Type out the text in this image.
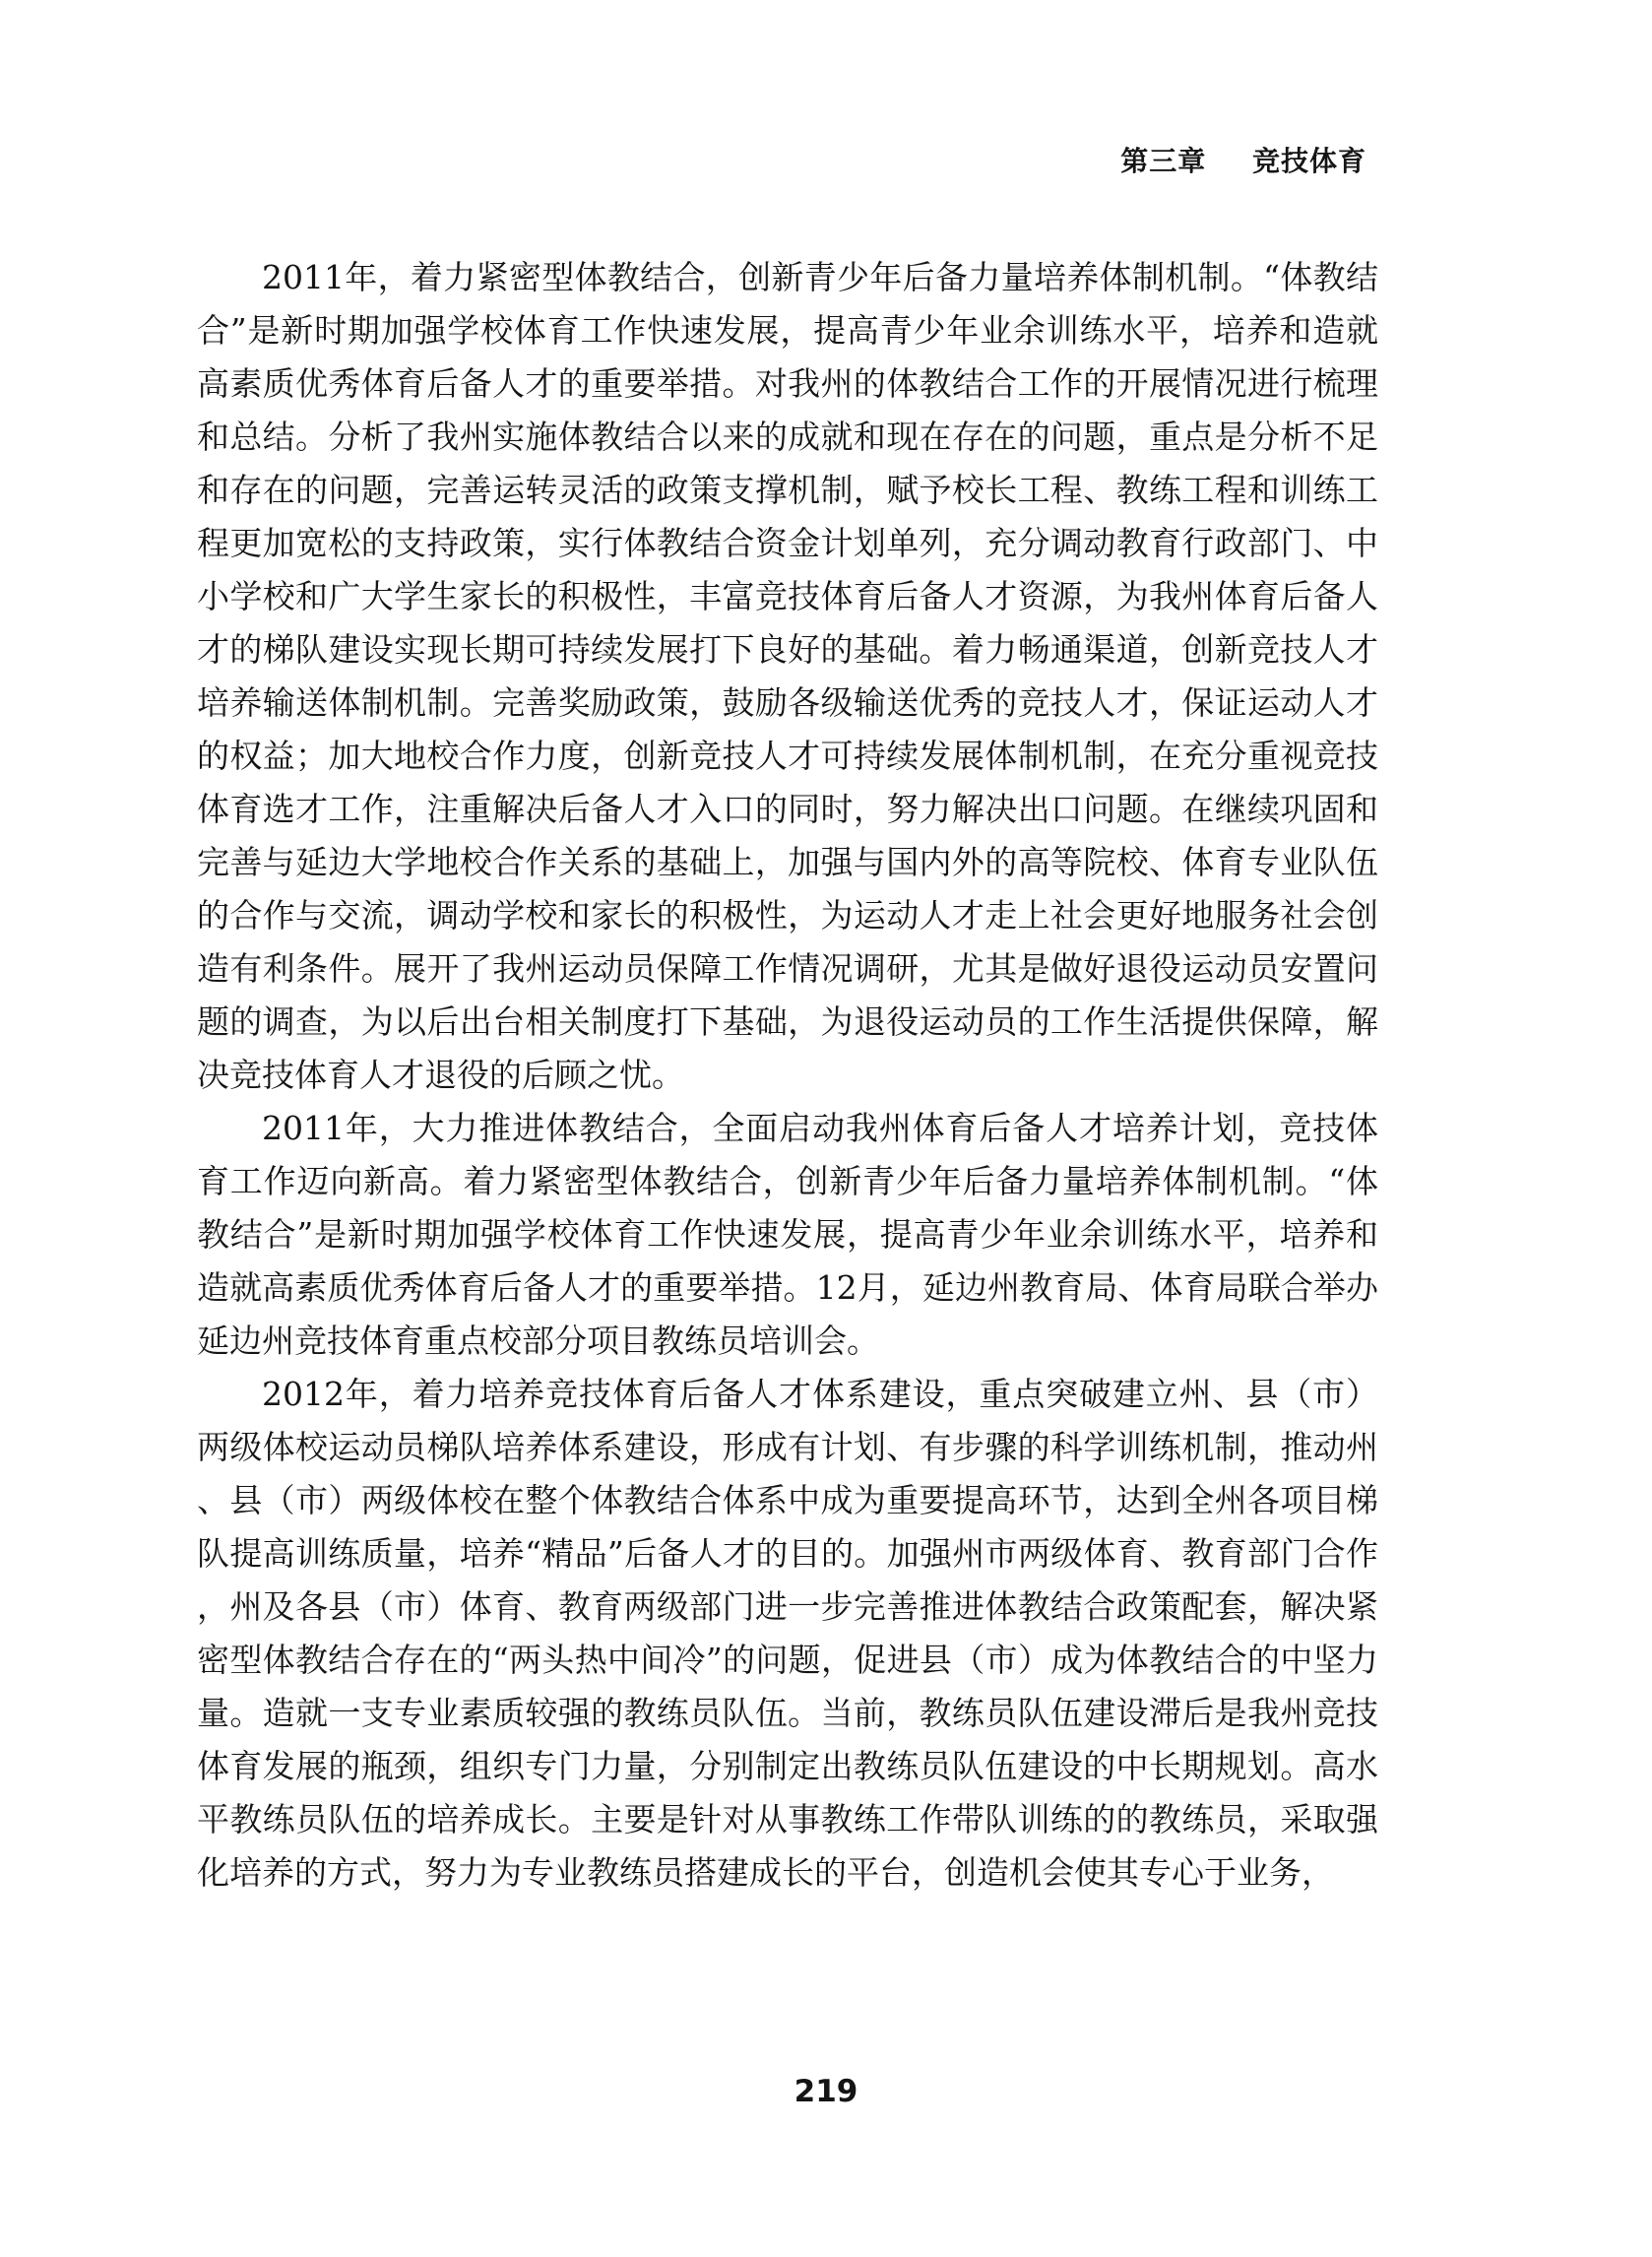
第三章 竞技体育

2011年，着力紧密型体教结合，创新青少年后备力量培养体制机制。“体教结合”是新时期加强学校体育工作快速发展，提高青少年业余训练水平，培养和造就高素质优秀体育后备人才的重要举措。对我州的体教结合工作的开展情况进行梳理和总结。分析了我州实施体教结合以来的成就和现在存在的问题，重点是分析不足和存在的问题，完善运转灵活的政策支撑机制，赋予校长工程、教练工程和训练工程更加宽松的支持政策，实行体教结合资金计划单列，充分调动教育行政部门、中小学校和广大学生家长的积极性，丰富竞技体育后备人才资源，为我州体育后备人才的梯队建设实现长期可持续发展打下良好的基础。着力畅通渠道，创新竞技人才培养输送体制机制。完善奖励政策，鼓励各级输送优秀的竞技人才，保证运动人才的权益；加大地校合作力度，创新竞技人才可持续发展体制机制，在充分重视竞技体育选才工作，注重解决后备人才入口的同时，努力解决出口问题。在继续巩固和完善与延边大学地校合作关系的基础上，加强与国内外的高等院校、体育专业队伍的合作与交流，调动学校和家长的积极性，为运动人才走上社会更好地服务社会创造有利条件。展开了我州运动员保障工作情况调研，尤其是做好退役运动员安置问题的调查，为以后出台相关制度打下基础，为退役运动员的工作生活提供保障，解决竞技体育人才退役的后顾之忧。

2011年，大力推进体教结合，全面启动我州体育后备人才培养计划，竞技体育工作迈向新高。着力紧密型体教结合，创新青少年后备力量培养体制机制。“体教结合”是新时期加强学校体育工作快速发展，提高青少年业余训练水平，培养和造就高素质优秀体育后备人才的重要举措。12月，延边州教育局、体育局联合举办延边州竞技体育重点校部分项目教练员培训会。

2012年，着力培养竞技体育后备人才体系建设，重点突破建立州、县（市）两级体校运动员梯队培养体系建设，形成有计划、有步骤的科学训练机制，推动州、县（市）两级体校在整个体教结合体系中成为重要提高环节，达到全州各项目梯队提高训练质量，培养“精品”后备人才的目的。加强州市两级体育、教育部门合作，州及各县（市）体育、教育两级部门进一步完善推进体教结合政策配套，解决紧密型体教结合存在的“两头热中间冷”的问题，促进县（市）成为体教结合的中坚力量。造就一支专业素质较强的教练员队伍。当前，教练员队伍建设滞后是我州竞技体育发展的瓶颈，组织专门力量，分别制定出教练员队伍建设的中长期规划。高水平教练员队伍的培养成长。主要是针对从事教练工作带队训练的的教练员，采取强化培养的方式，努力为专业教练员搭建成长的平台，创造机会使其专心于业务，

219
